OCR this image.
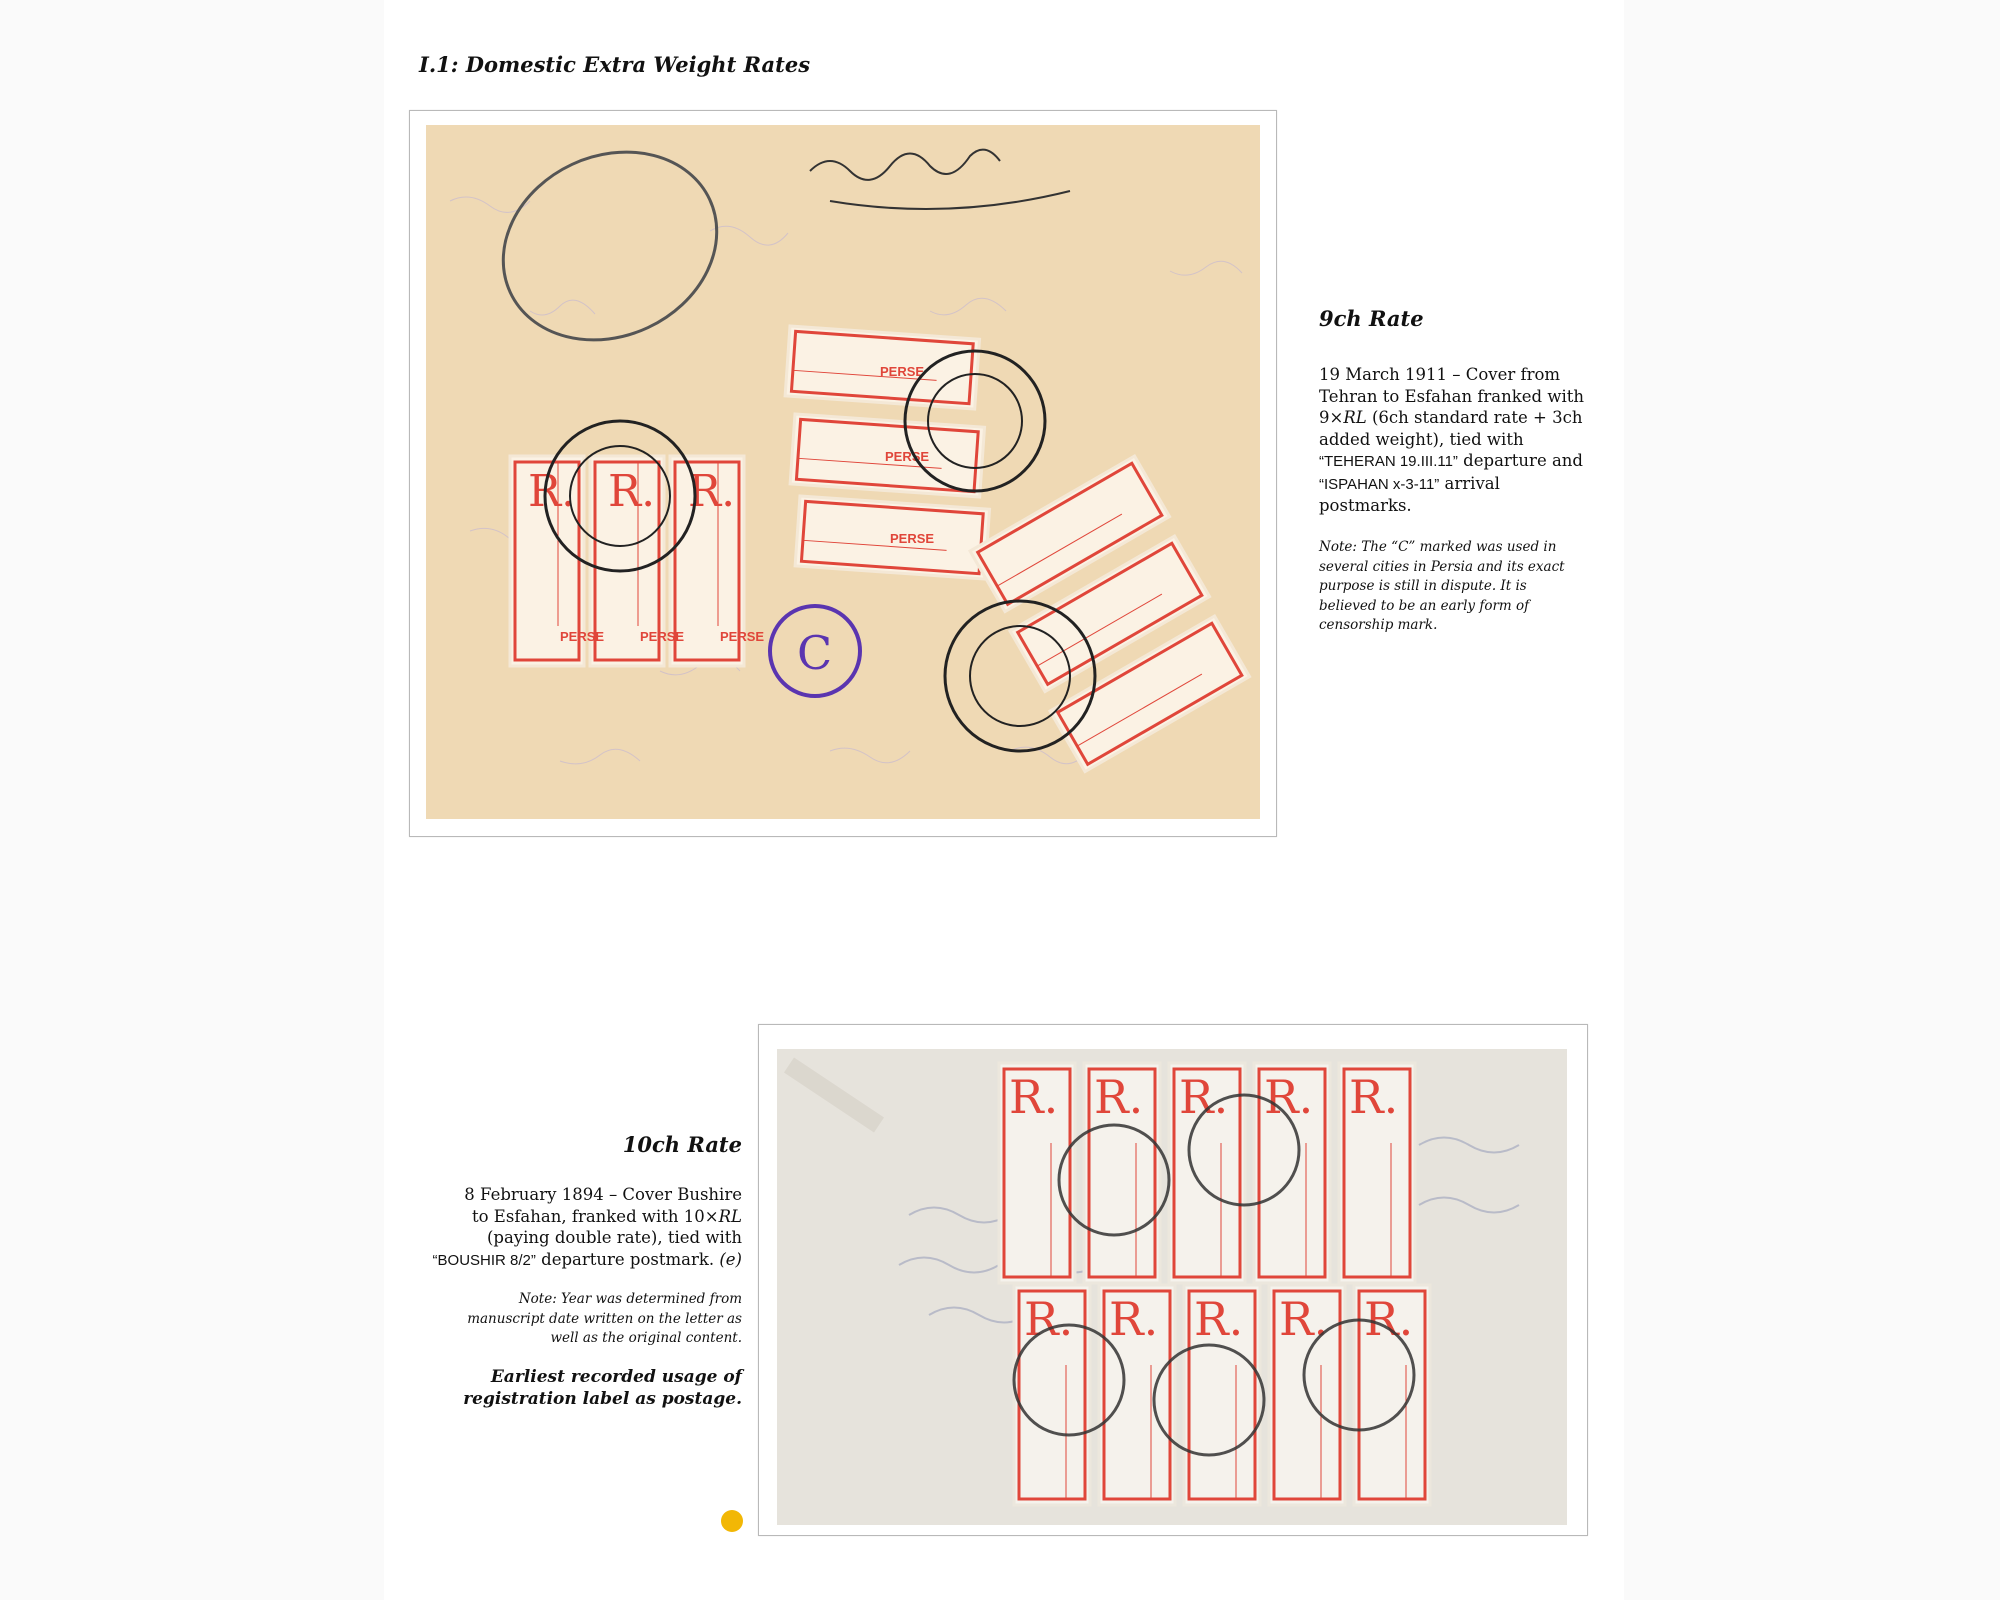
I.1: Domestic Extra Weight Rates
R. R. R.
PERSE	PERSE	PERSE
PERSE
PERSE
PERSE
C
9ch Rate
19 March 1911 – Cover from
Tehran to Esfahan franked with
9×RL (6ch standard rate + 3ch
added weight), tied with
“TEHERAN 19.III.11” departure and
“ISPAHAN x-3-11” arrival
postmarks.
Note: The “C” marked was used in
several cities in Persia and its exact
purpose is still in dispute. It is
believed to be an early form of
censorship mark.
R. R. R. R. R.
R. R. R. R. R.
10ch Rate
8 February 1894 – Cover Bushire
to Esfahan, franked with 10×RL
(paying double rate), tied with
“BOUSHIR 8/2” departure postmark. (e)
Note: Year was determined from
manuscript date written on the letter as
well as the original content.
Earliest recorded usage of
registration label as postage.
